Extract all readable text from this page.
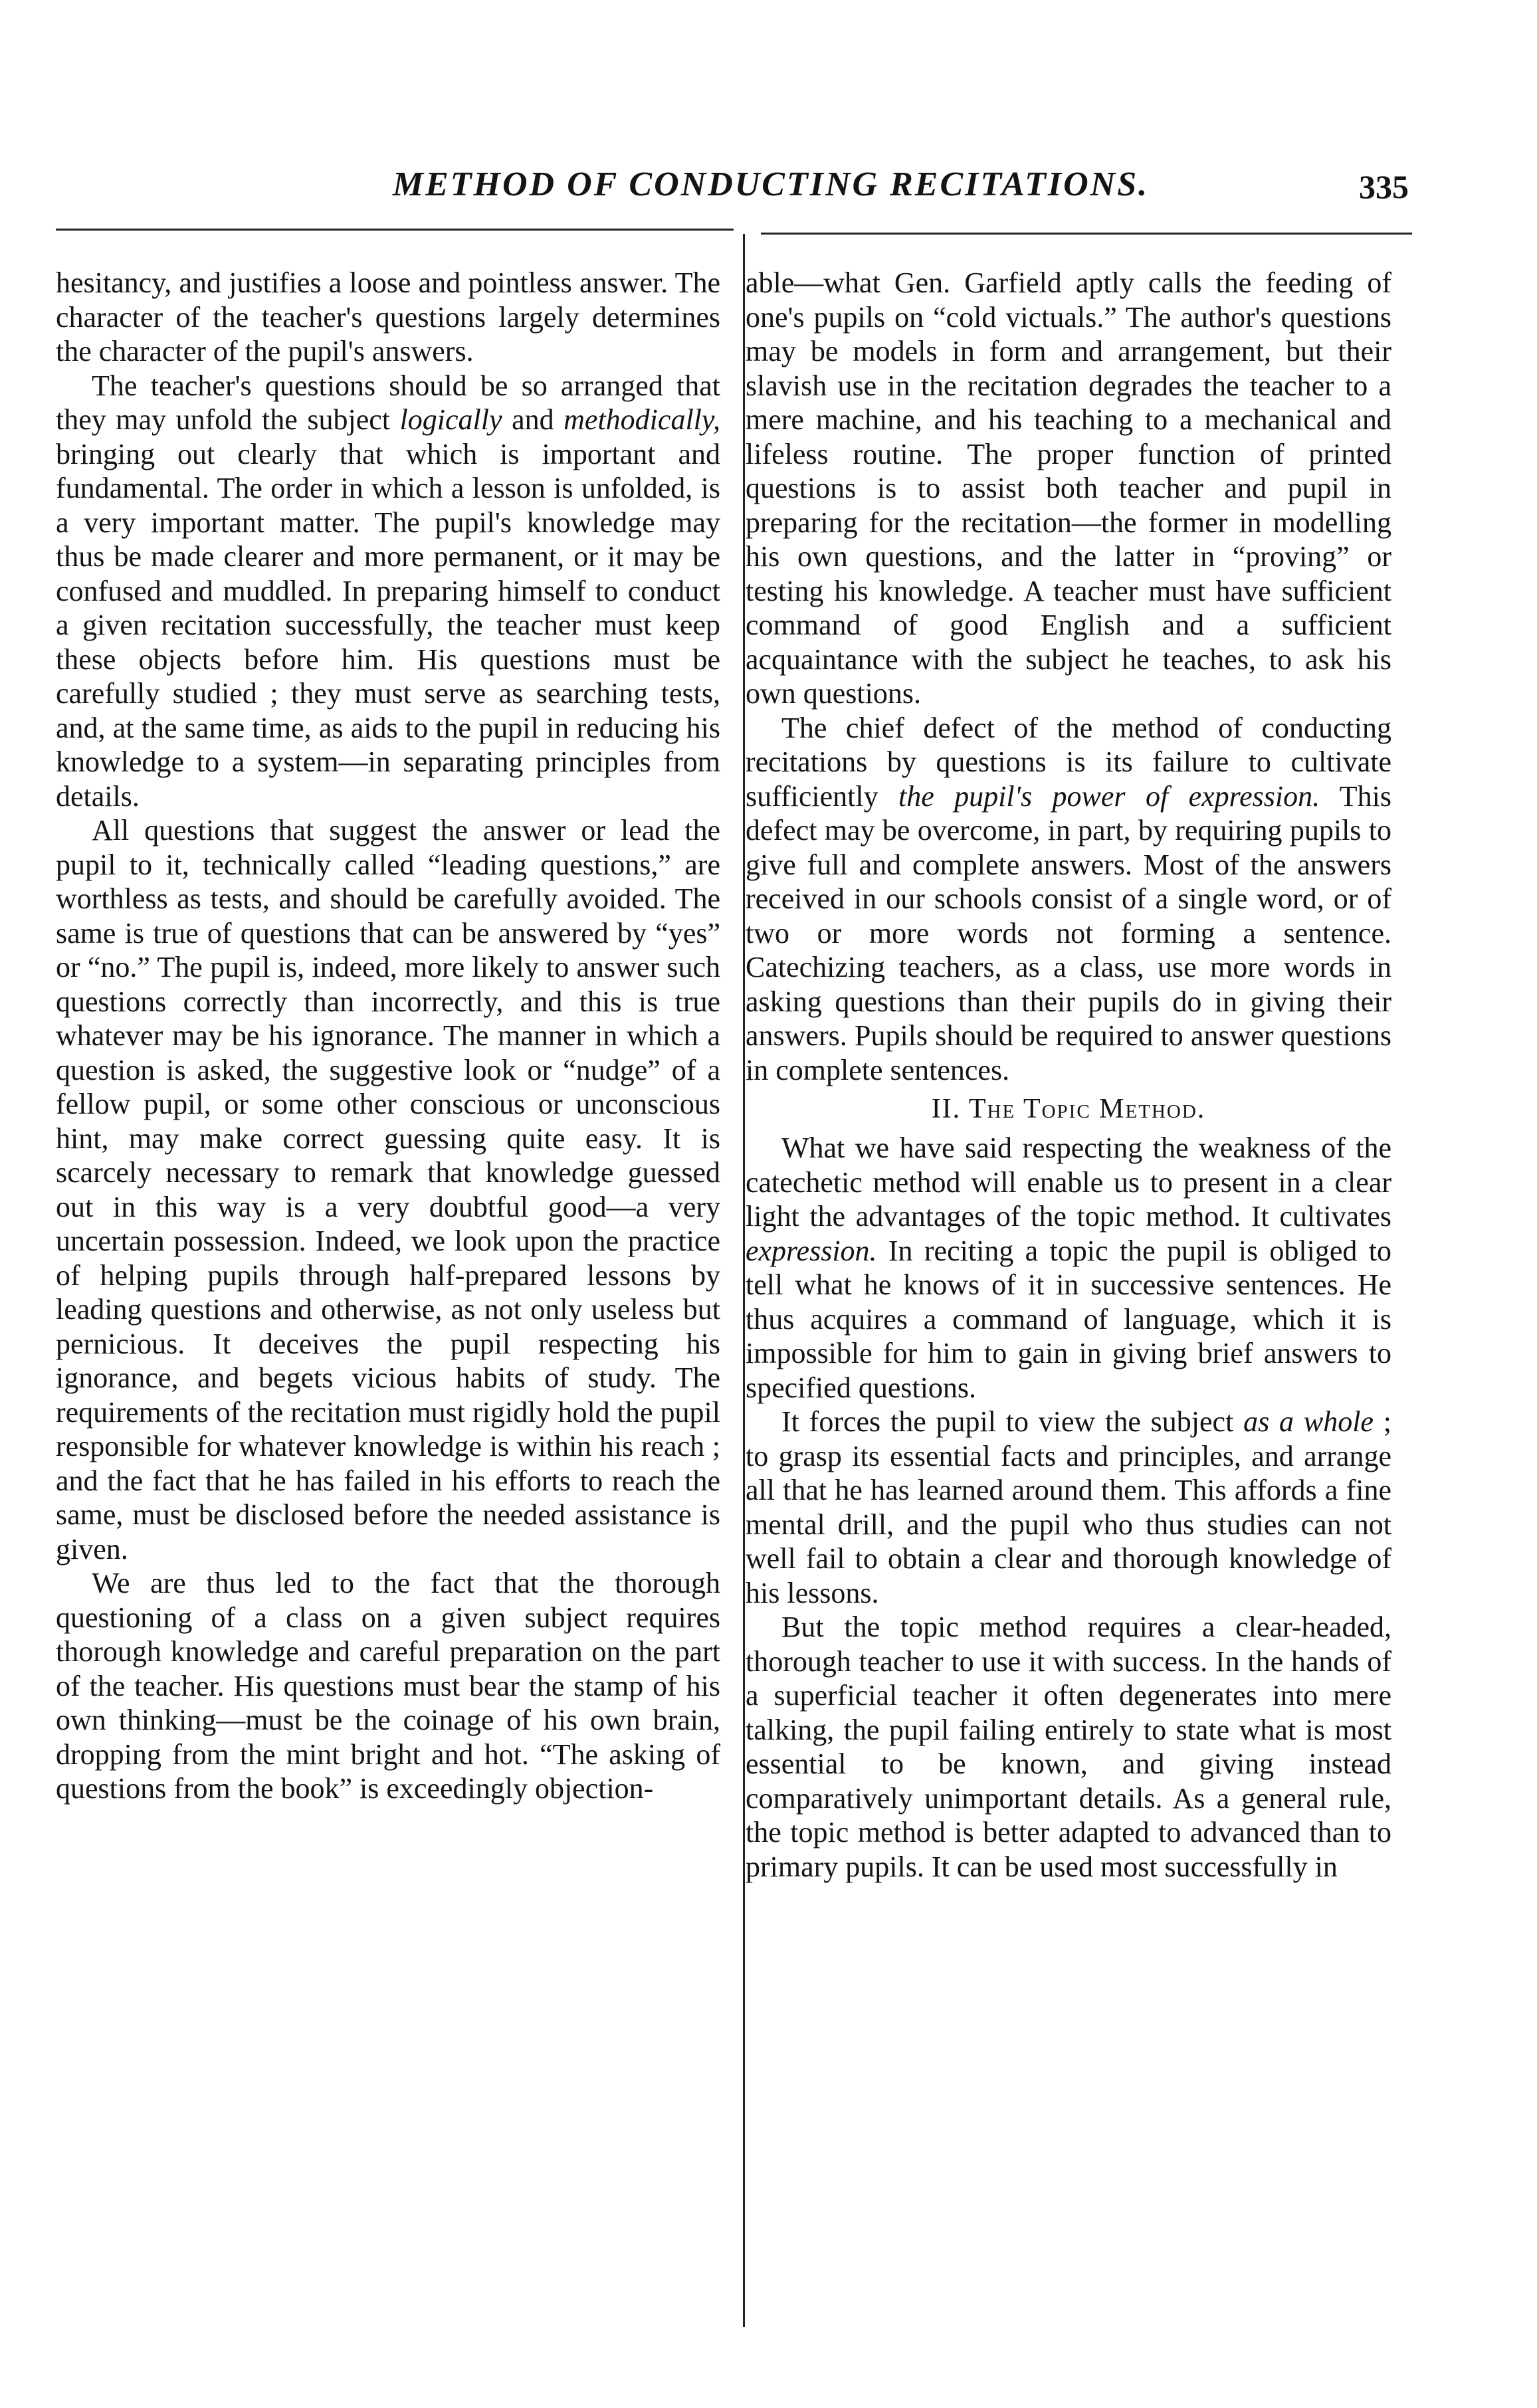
METHOD OF CONDUCTING RECITATIONS.	335

hesitancy, and justifies a loose and pointless answer. The character of the teacher's questions largely determines the character of the pupil's answers.

The teacher's questions should be so arranged that they may unfold the subject logically and methodically, bringing out clearly that which is important and fundamental. The order in which a lesson is unfolded, is a very important matter. The pupil's knowledge may thus be made clearer and more permanent, or it may be confused and muddled. In preparing himself to conduct a given recitation successfully, the teacher must keep these objects before him. His questions must be carefully studied ; they must serve as searching tests, and, at the same time, as aids to the pupil in reducing his knowledge to a system—in separating principles from details.

All questions that suggest the answer or lead the pupil to it, technically called “leading questions,” are worthless as tests, and should be carefully avoided. The same is true of questions that can be answered by “yes” or “no.” The pupil is, indeed, more likely to answer such questions correctly than incorrectly, and this is true whatever may be his ignorance. The manner in which a question is asked, the suggestive look or “nudge” of a fellow pupil, or some other conscious or unconscious hint, may make correct guessing quite easy. It is scarcely necessary to remark that knowledge guessed out in this way is a very doubtful good—a very uncertain possession. Indeed, we look upon the practice of helping pupils through half-prepared lessons by leading questions and otherwise, as not only useless but pernicious. It deceives the pupil respecting his ignorance, and begets vicious habits of study. The requirements of the recitation must rigidly hold the pupil responsible for whatever knowledge is within his reach ; and the fact that he has failed in his efforts to reach the same, must be disclosed before the needed assistance is given.

We are thus led to the fact that the thorough questioning of a class on a given subject requires thorough knowledge and careful preparation on the part of the teacher. His questions must bear the stamp of his own thinking—must be the coinage of his own brain, dropping from the mint bright and hot. “The asking of questions from the book” is exceedingly objection-

able—what Gen. Garfield aptly calls the feeding of one's pupils on “cold victuals.” The author's questions may be models in form and arrangement, but their slavish use in the recitation degrades the teacher to a mere machine, and his teaching to a mechanical and lifeless routine. The proper function of printed questions is to assist both teacher and pupil in preparing for the recitation—the former in modelling his own questions, and the latter in “proving” or testing his knowledge. A teacher must have sufficient command of good English and a sufficient acquaintance with the subject he teaches, to ask his own questions.

The chief defect of the method of conducting recitations by questions is its failure to cultivate sufficiently the pupil's power of expression. This defect may be overcome, in part, by requiring pupils to give full and complete answers. Most of the answers received in our schools consist of a single word, or of two or more words not forming a sentence. Catechizing teachers, as a class, use more words in asking questions than their pupils do in giving their answers. Pupils should be required to answer questions in complete sentences.

II. The Topic Method.

What we have said respecting the weakness of the catechetic method will enable us to present in a clear light the advantages of the topic method. It cultivates expression. In reciting a topic the pupil is obliged to tell what he knows of it in successive sentences. He thus acquires a command of language, which it is impossible for him to gain in giving brief answers to specified questions.

It forces the pupil to view the subject as a whole ; to grasp its essential facts and principles, and arrange all that he has learned around them. This affords a fine mental drill, and the pupil who thus studies can not well fail to obtain a clear and thorough knowledge of his lessons.

But the topic method requires a clear-headed, thorough teacher to use it with success. In the hands of a superficial teacher it often degenerates into mere talking, the pupil failing entirely to state what is most essential to be known, and giving instead comparatively unimportant details. As a general rule, the topic method is better adapted to advanced than to primary pupils. It can be used most successfully in
